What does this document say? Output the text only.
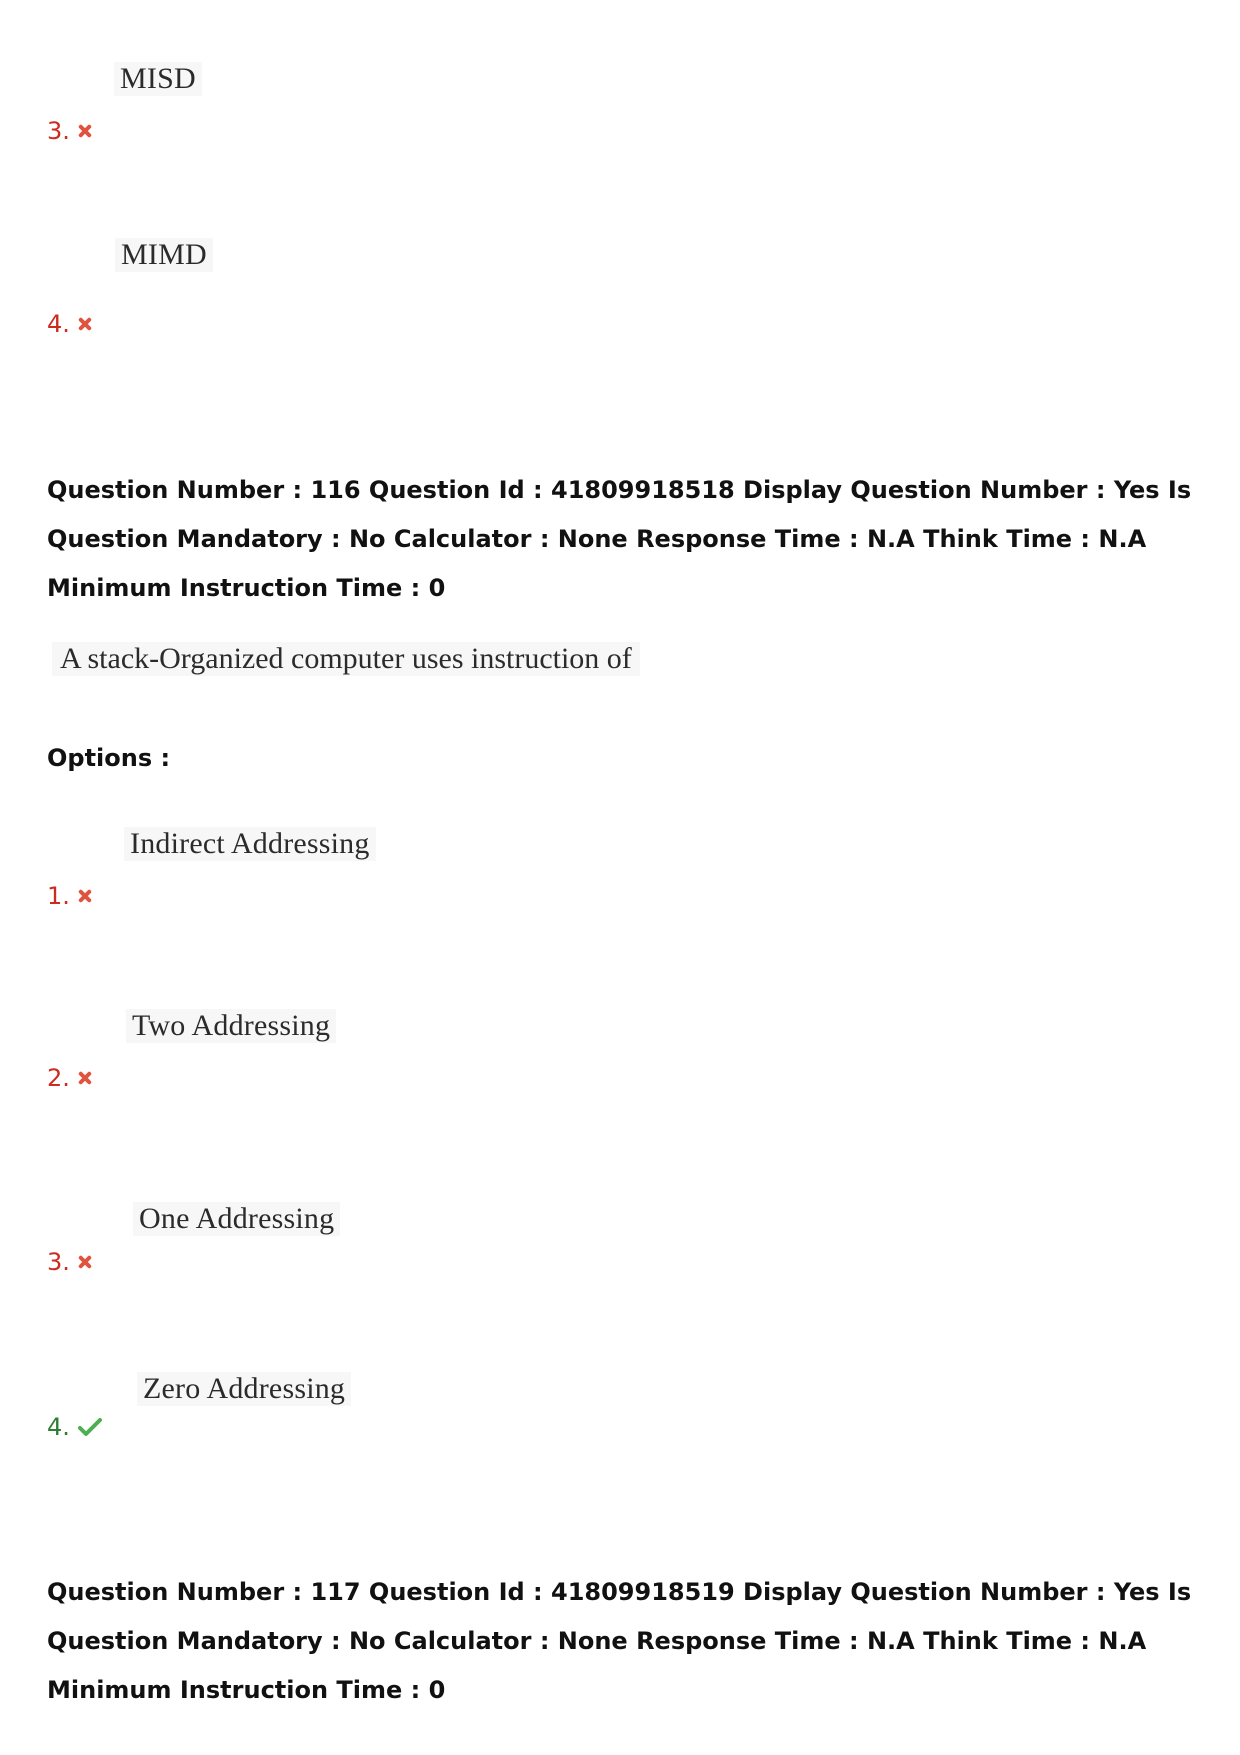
MISD
3.
MIMD
4.
Question Number : 116 Question Id : 41809918518 Display Question Number : Yes Is Question Mandatory : No Calculator : None Response Time : N.A Think Time : N.A Minimum Instruction Time : 0
A stack-Organized computer uses instruction of
Options :
Indirect Addressing
1.
Two Addressing
2.
One Addressing
3.
Zero Addressing
4.
Question Number : 117 Question Id : 41809918519 Display Question Number : Yes Is Question Mandatory : No Calculator : None Response Time : N.A Think Time : N.A Minimum Instruction Time : 0
